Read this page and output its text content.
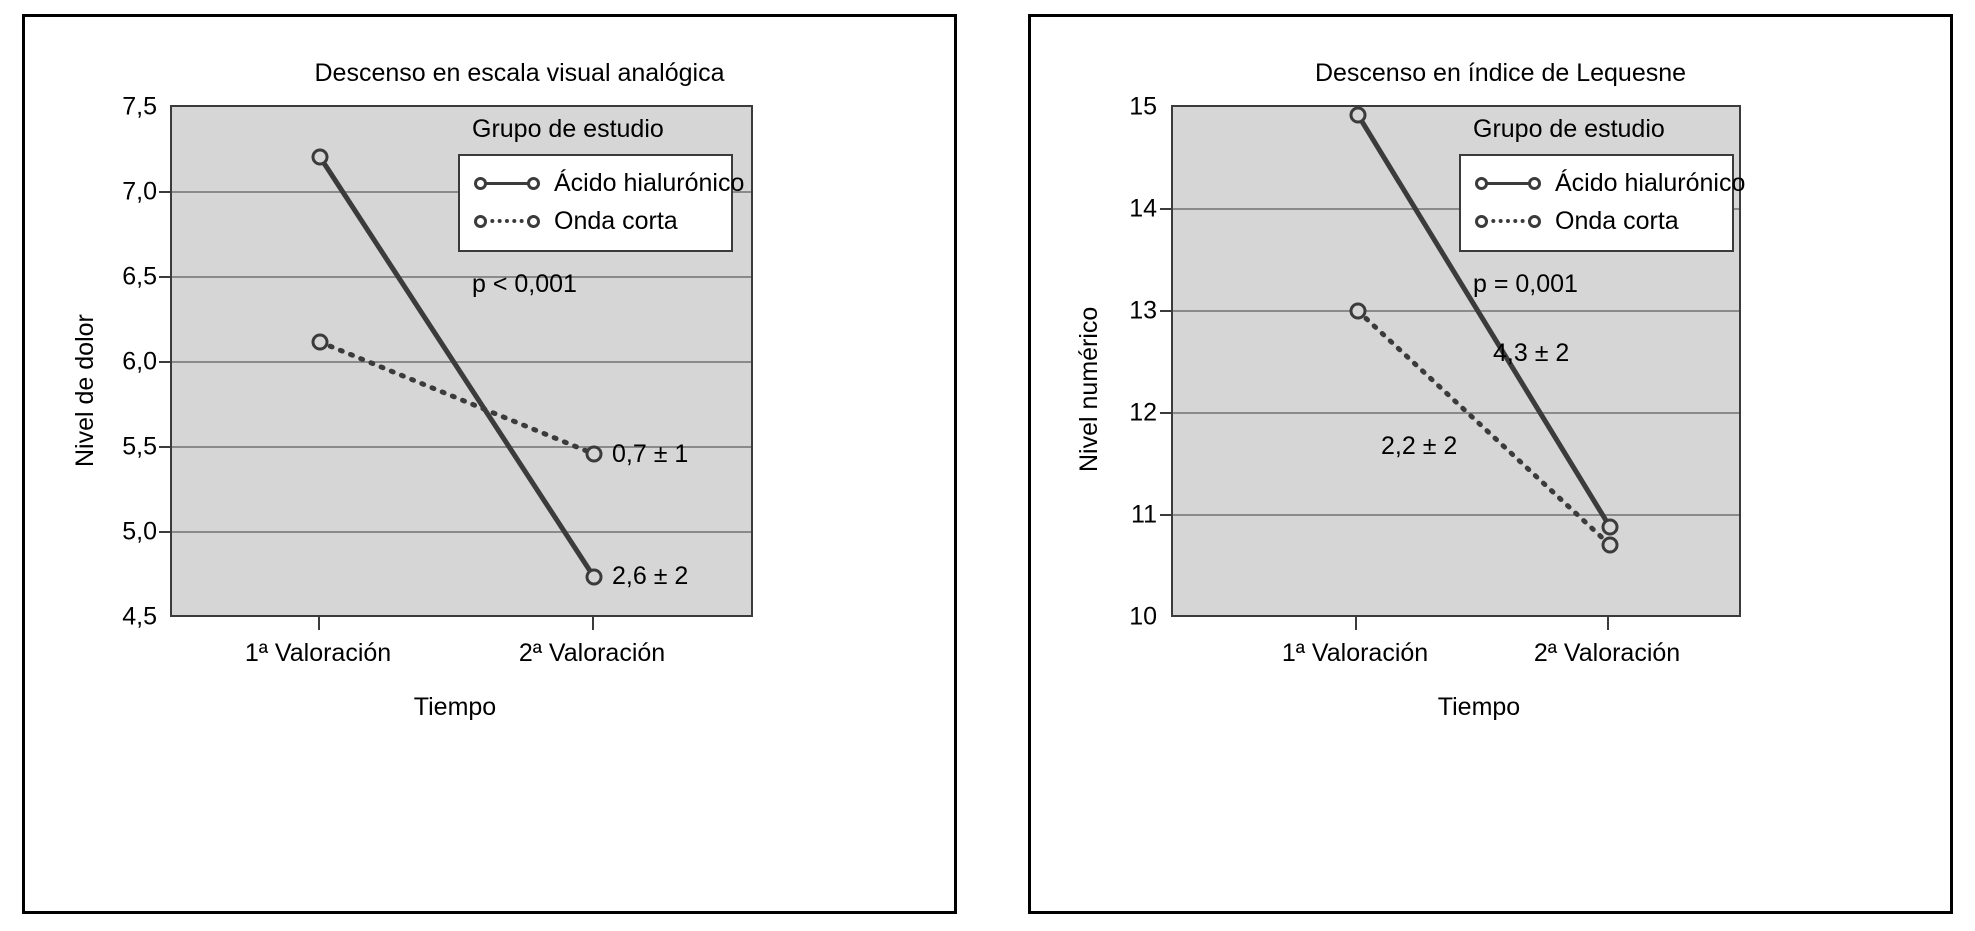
Descenso en escala visual analógica
Nivel de dolor
7,5
7,0
6,5
6,0
5,5
5,0
4,5
Grupo de estudio
Ácido hialurónico
Onda corta
p < 0,001
0,7 ± 1
2,6 ± 2
1ª Valoración	2ª Valoración
Tiempo
Descenso en índice de Lequesne
Nivel numérico
15
14
13
12
11
10
Grupo de estudio
Ácido hialurónico
Onda corta
p = 0,001
4,3 ± 2
2,2 ± 2
1ª Valoración	2ª Valoración
Tiempo
